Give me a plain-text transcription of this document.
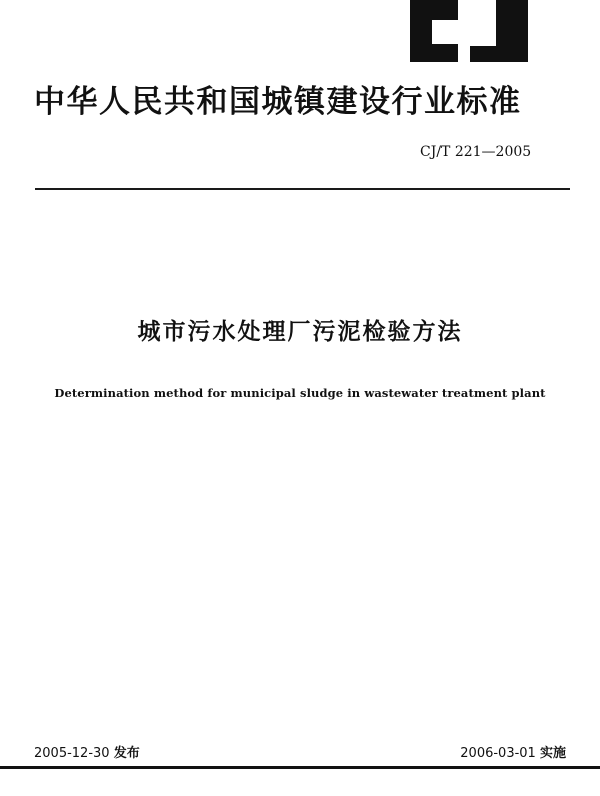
中华人民共和国城镇建设行业标准
CJ/T 221—2005
城市污水处理厂污泥检验方法
Determination method for municipal sludge in wastewater treatment plant
2005-12-30 发布	2006-03-01 实施
